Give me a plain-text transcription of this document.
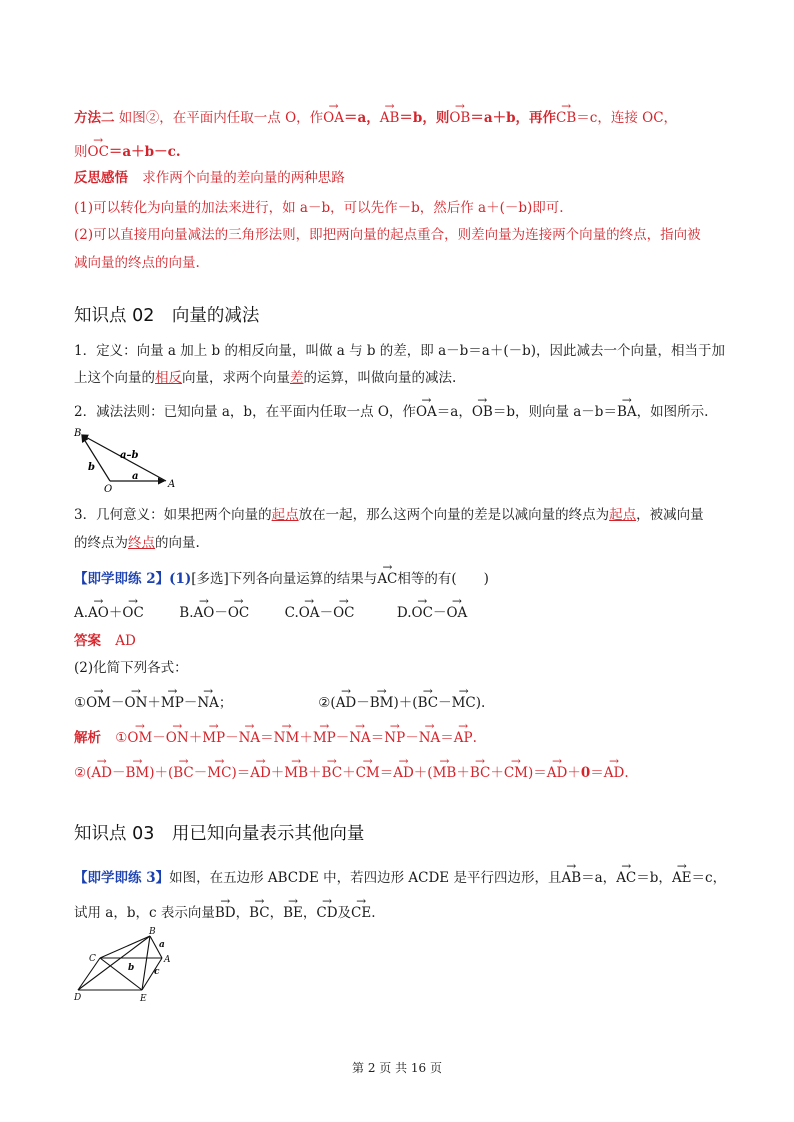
方法二 如图②，在平面内任取一点 O，作→ OA＝a，→ AB＝b，则→ OB＝a＋b，再作→ CB＝c，连接 OC，
则→ OC＝a＋b－c.
反思感悟 求作两个向量的差向量的两种思路
(1)可以转化为向量的加法来进行，如 a－b，可以先作－b，然后作 a＋(－b)即可.
(2)可以直接用向量减法的三角形法则，即把两向量的起点重合，则差向量为连接两个向量的终点，指向被
减向量的终点的向量.
知识点 02 向量的减法
1．定义：向量 a 加上 b 的相反向量，叫做 a 与 b 的差，即 a－b＝a＋(－b)，因此减去一个向量，相当于加
上这个向量的相反向量，求两个向量差的运算，叫做向量的减法.
2．减法法则：已知向量 a，b，在平面内任取一点 O，作→ OA＝a，→ OB＝b，则向量 a－b＝→ BA，如图所示.
B
O	A
a–b
b
a
3．几何意义：如果把两个向量的起点放在一起，那么这两个向量的差是以减向量的终点为起点，被减向量
的终点为终点的向量.
【即学即练 2】(1)[多选]下列各向量运算的结果与→ AC相等的有(　　)
A.→ AO＋→ OC	B.→ AO－→ OC	C.→ OA－→ OC	D.→ OC－→ OA
答案 AD
(2)化简下列各式：
①→ OM－→ ON＋→ MP－→ NA；	②(→ AD－→ BM)＋(→ BC－→ MC).
解析 ①→ OM－→ ON＋→ MP－→ NA＝→ NM＋→ MP－→ NA＝→ NP－→ NA＝→ AP.
②(→ AD－→ BM)＋(→ BC－→ MC)＝→ AD＋→ MB＋→ BC＋→ CM＝→ AD＋(→ MB＋→ BC＋→ CM)＝→ AD＋0＝→ AD.
知识点 03 用已知向量表示其他向量
【即学即练 3】如图，在五边形 ABCDE 中，若四边形 ACDE 是平行四边形，且→ AB＝a，→ AC＝b，→ AE＝c，
试用 a，b，c 表示向量→ BD，→ BC，→ BE，→ CD及→ CE.
B
a
C	A
b c
D	E
第 2 页 共 16 页
